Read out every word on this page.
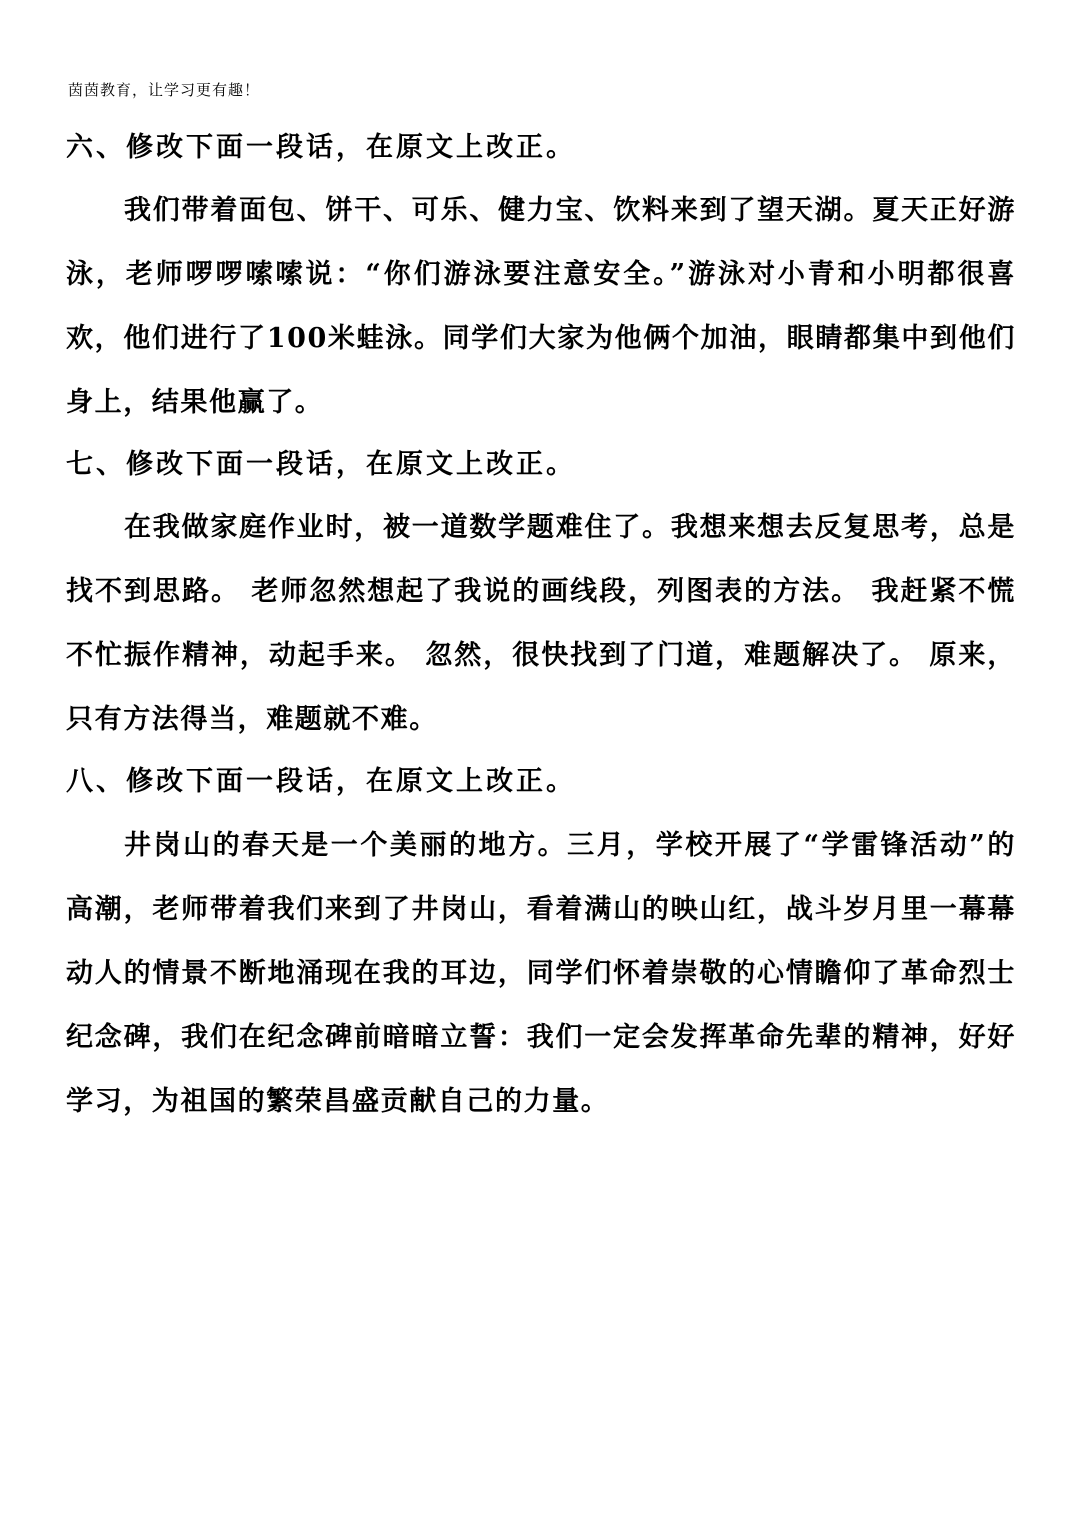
茵茵教育，让学习更有趣！
六、修改下面一段话，在原文上改正。
我们带着面包、饼干、可乐、健力宝、饮料来到了望天湖。夏天正好游泳，老师啰啰嗦嗦说：“你们游泳要注意安全。”游泳对小青和小明都很喜欢，他们进行了100米蛙泳。同学们大家为他俩个加油，眼睛都集中到他们身上，结果他赢了。
七、修改下面一段话，在原文上改正。
在我做家庭作业时，被一道数学题难住了。我想来想去反复思考，总是找不到思路。 老师忽然想起了我说的画线段，列图表的方法。 我赶紧不慌不忙振作精神，动起手来。 忽然，很快找到了门道，难题解决了。 原来，只有方法得当，难题就不难。
八、修改下面一段话，在原文上改正。
井岗山的春天是一个美丽的地方。三月，学校开展了“学雷锋活动”的高潮，老师带着我们来到了井岗山，看着满山的映山红，战斗岁月里一幕幕动人的情景不断地涌现在我的耳边，同学们怀着崇敬的心情瞻仰了革命烈士纪念碑，我们在纪念碑前暗暗立誓：我们一定会发挥革命先辈的精神，好好学习，为祖国的繁荣昌盛贡献自己的力量。
